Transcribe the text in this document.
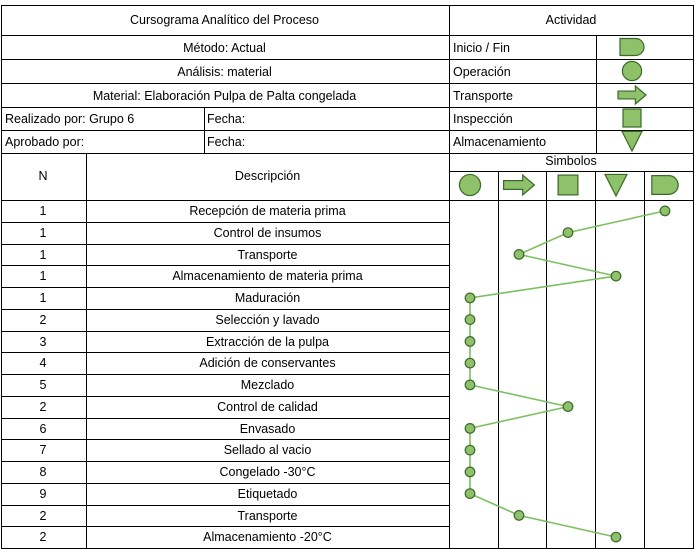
Cursograma Analítico del Proceso	Actividad
Método: Actual
Análisis: material
Material: Elaboración Pulpa de Palta congelada
Realizado por: Grupo 6	Fecha:
Aprobado por:	Fecha:
Inicio / Fin
Operación
Transporte
Inspección
Almacenamiento
N	Descripción
Simbolos
1	Recepción de materia prima
1	Control de insumos
1	Transporte
1	Almacenamiento de materia prima
1	Maduración
2	Selección y lavado
3	Extracción de la pulpa
4	Adición de conservantes
5	Mezclado
2	Control de calidad
6	Envasado
7	Sellado al vacio
8	Congelado -30°C
9	Etiquetado
2	Transporte
2	Almacenamiento -20°C
